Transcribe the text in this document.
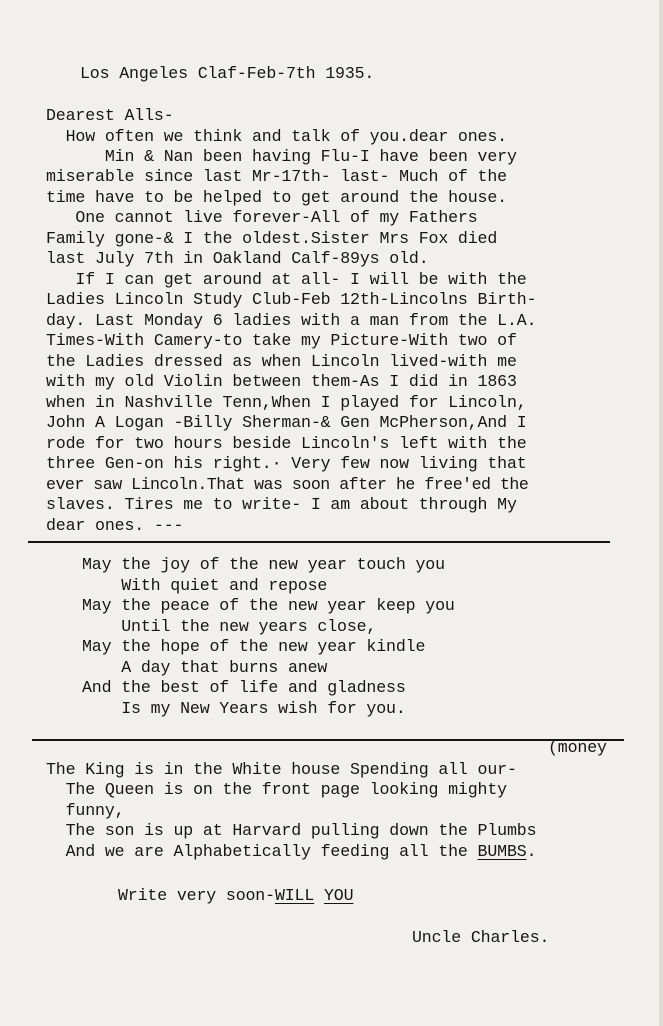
Los Angeles Claf-Feb-7th 1935.
Dearest Alls-
How often we think and talk of you.dear ones.
Min & Nan been having Flu-I have been very
miserable since last Mr-17th- last- Much of the
time have to be helped to get around the house.
One cannot live forever-All of my Fathers
Family gone-& I the oldest.Sister Mrs Fox died
last July 7th in Oakland Calf-89ys old.
If I can get around at all- I will be with the
Ladies Lincoln Study Club-Feb 12th-Lincolns Birth-
day. Last Monday 6 ladies with a man from the L.A.
Times-With Camery-to take my Picture-With two of
the Ladies dressed as when Lincoln lived-with me
with my old Violin between them-As I did in 1863
when in Nashville Tenn,When I played for Lincoln,
John A Logan -Billy Sherman-& Gen McPherson,And I
rode for two hours beside Lincoln's left with the
three Gen-on his right.· Very few now living that
ever saw Lincoln.That was soon after he free'ed the
slaves. Tires me to write- I am about through My
dear ones. ---
May the joy of the new year touch you
With quiet and repose
May the peace of the new year keep you
Until the new years close,
May the hope of the new year kindle
A day that burns anew
And the best of life and gladness
Is my New Years wish for you.
(money
The King is in the White house Spending all our-
The Queen is on the front page looking mighty
funny,
The son is up at Harvard pulling down the Plumbs
And we are Alphabetically feeding all the BUMBS.
Write very soon-WILL YOU
Uncle Charles.
